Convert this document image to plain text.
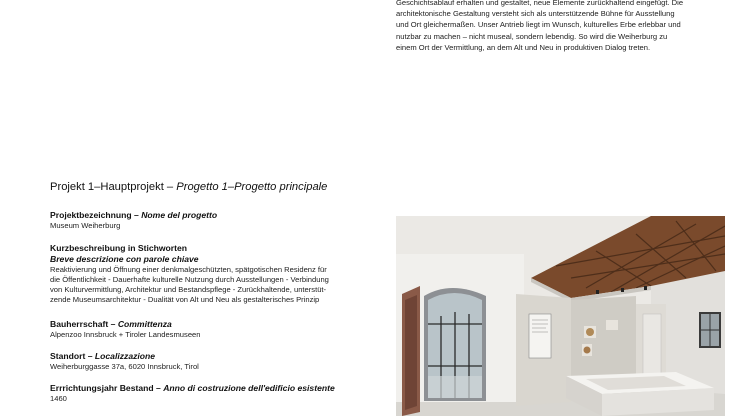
Geschichtsablauf erhalten und gestaltet, neue Elemente zurückhaltend eingefügt. Die
architektonische Gestaltung versteht sich als unterstützende Bühne für Ausstellung
und Ort gleichermaßen. Unser Antrieb liegt im Wunsch, kulturelles Erbe erlebbar und
nutzbar zu machen – nicht museal, sondern lebendig. So wird die Weiherburg zu
einem Ort der Vermittlung, an dem Alt und Neu in produktiven Dialog treten.
Projekt 1–Hauptprojekt – Progetto 1–Progetto principale
Projektbezeichnung – Nome del progetto
Museum Weiherburg
Kurzbeschreibung in Stichworten
Breve descrizione con parole chiave
Reaktivierung und Öffnung einer denkmalgeschützten, spätgotischen Residenz für
die Öffentlichkeit - Dauerhafte kulturelle Nutzung durch Ausstellungen - Verbindung
von Kulturvermittlung, Architektur und Bestandspflege - Zurückhaltende, unterstüt-
zende Museumsarchitektur - Dualität von Alt und Neu als gestalterisches Prinzip
Bauherrschaft – Committenza
Alpenzoo Innsbruck + Tiroler Landesmuseen
Standort – Localizzazione
Weiherburggasse 37a, 6020 Innsbruck, Tirol
Errrichtungsjahr Bestand – Anno di costruzione dell'edificio esistente
1460
